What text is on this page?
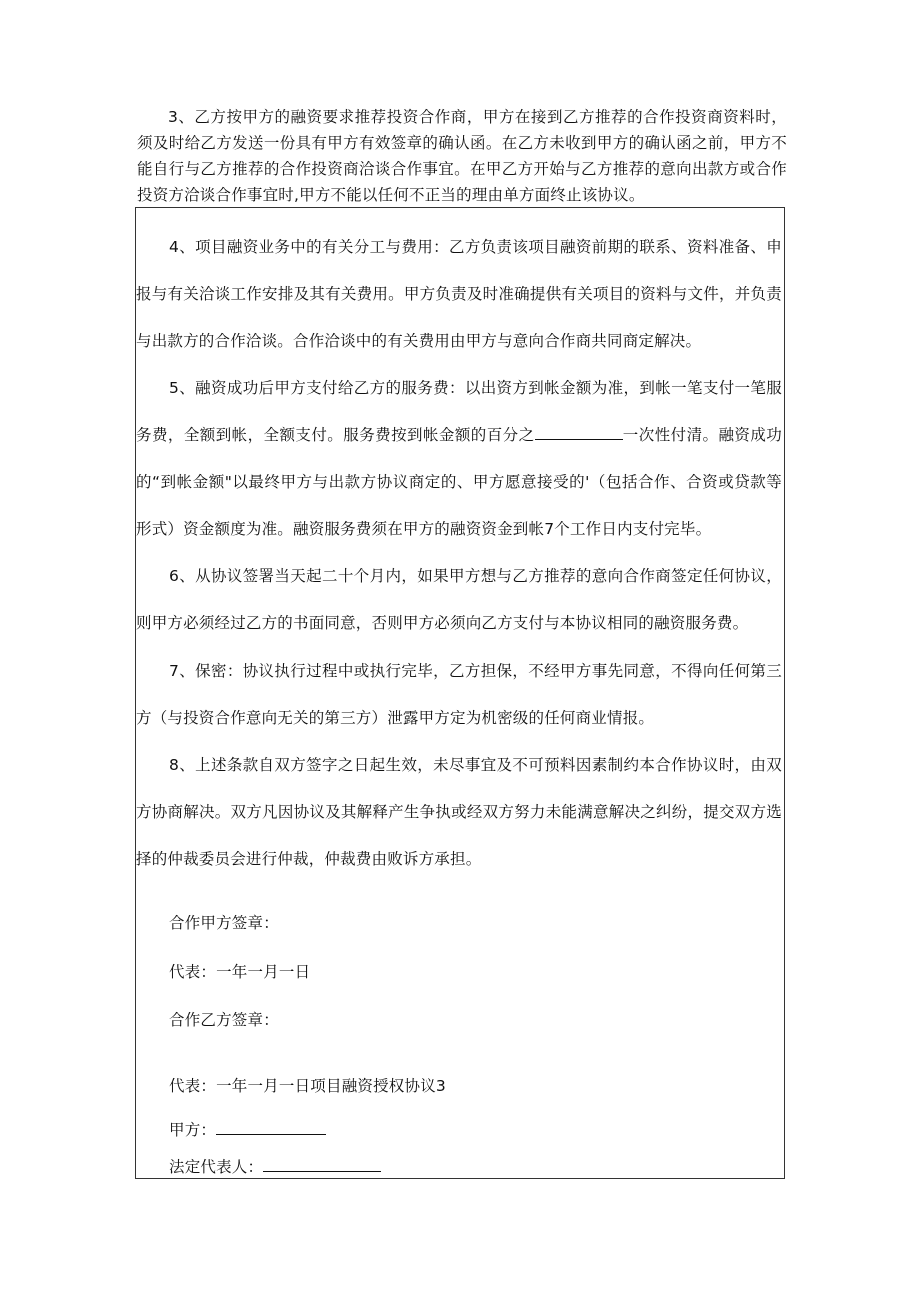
3、乙方按甲方的融资要求推荐投资合作商，甲方在接到乙方推荐的合作投资商资料时，须及时给乙方发送一份具有甲方有效签章的确认函。在乙方未收到甲方的确认函之前，甲方不能自行与乙方推荐的合作投资商洽谈合作事宜。在甲乙方开始与乙方推荐的意向出款方或合作投资方洽谈合作事宜时,甲方不能以任何不正当的理由单方面终止该协议。

4、项目融资业务中的有关分工与费用：乙方负责该项目融资前期的联系、资料准备、申报与有关洽谈工作安排及其有关费用。甲方负责及时准确提供有关项目的资料与文件，并负责与出款方的合作洽谈。合作洽谈中的有关费用由甲方与意向合作商共同商定解决。

5、融资成功后甲方支付给乙方的服务费：以出资方到帐金额为准，到帐一笔支付一笔服务费，全额到帐，全额支付。服务费按到帐金额的百分之	一次性付清。融资成功的“到帐金额"以最终甲方与出款方协议商定的、甲方愿意接受的'（包括合作、合资或贷款等形式）资金额度为准。融资服务费须在甲方的融资资金到帐7个工作日内支付完毕。

6、从协议签署当天起二十个月内，如果甲方想与乙方推荐的意向合作商签定任何协议，则甲方必须经过乙方的书面同意，否则甲方必须向乙方支付与本协议相同的融资服务费。

7、保密：协议执行过程中或执行完毕，乙方担保，不经甲方事先同意，不得向任何第三方（与投资合作意向无关的第三方）泄露甲方定为机密级的任何商业情报。

8、上述条款自双方签字之日起生效，未尽事宜及不可预料因素制约本合作协议时，由双方协商解决。双方凡因协议及其解释产生争执或经双方努力未能满意解决之纠纷，提交双方选择的仲裁委员会进行仲裁，仲裁费由败诉方承担。

合作甲方签章：

代表：一年一月一日

合作乙方签章：

代表：一年一月一日项目融资授权协议3

甲方：

法定代表人：
